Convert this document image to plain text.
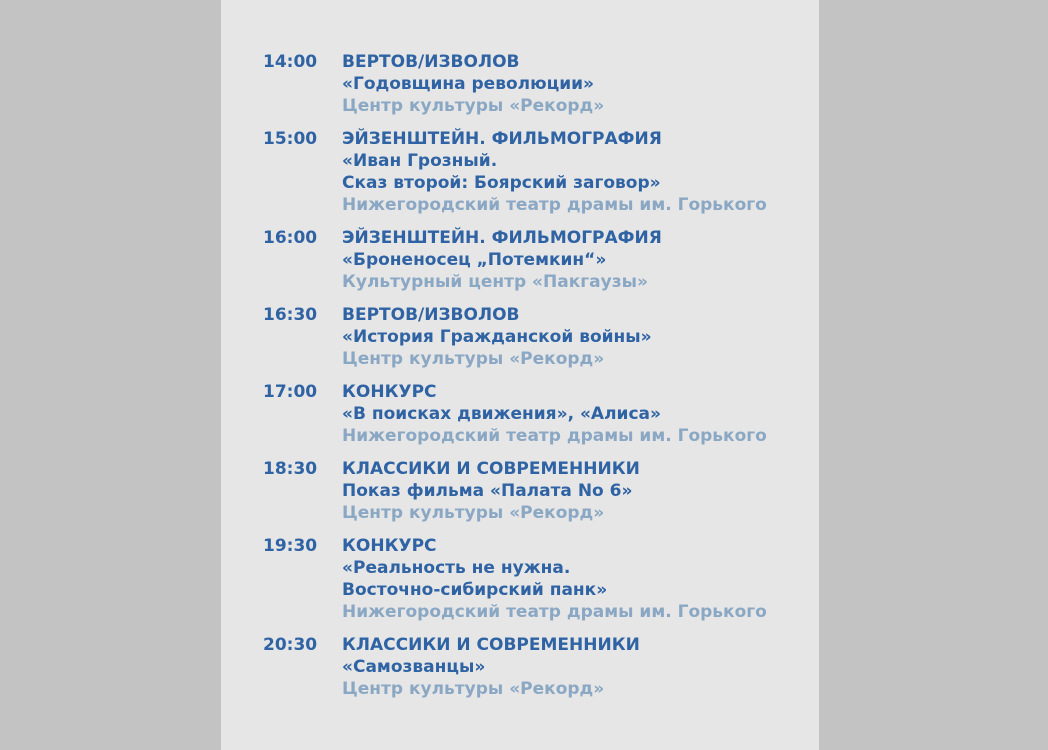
14:00	ВЕРТОВ/ИЗВОЛОВ
«Годовщина революции»
Центр культуры «Рекорд»
15:00	ЭЙЗЕНШТЕЙН. ФИЛЬМОГРАФИЯ
«Иван Грозный.
Сказ второй: Боярский заговор»
Нижегородский театр драмы им. Горького
16:00	ЭЙЗЕНШТЕЙН. ФИЛЬМОГРАФИЯ
«Броненосец „Потемкин“»
Культурный центр «Пакгаузы»
16:30	ВЕРТОВ/ИЗВОЛОВ
«История Гражданской войны»
Центр культуры «Рекорд»
17:00	КОНКУРС
«В поисках движения», «Алиса»
Нижегородский театр драмы им. Горького
18:30	КЛАССИКИ И СОВРЕМЕННИКИ
Показ фильма «Палата No 6»
Центр культуры «Рекорд»
19:30	КОНКУРС
«Реальность не нужна.
Восточно-сибирский панк»
Нижегородский театр драмы им. Горького
20:30	КЛАССИКИ И СОВРЕМЕННИКИ
«Самозванцы»
Центр культуры «Рекорд»
